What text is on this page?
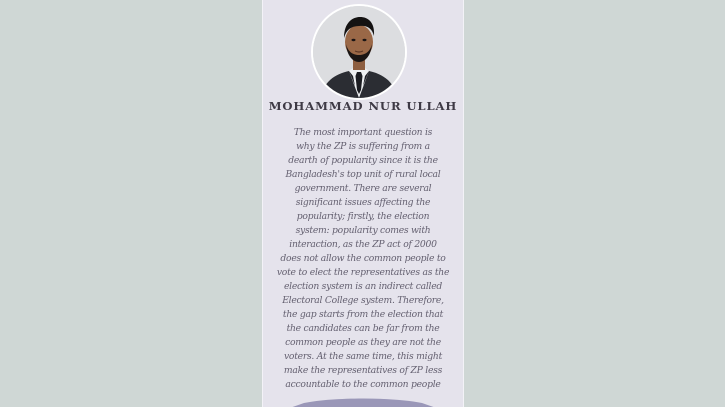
MOHAMMAD NUR ULLAH

The most important question is
why the ZP is suffering from a
dearth of popularity since it is the
Bangladesh's top unit of rural local
government. There are several
significant issues affecting the
popularity; firstly, the election
system: popularity comes with
interaction, as the ZP act of 2000
does not allow the common people to
vote to elect the representatives as the
election system is an indirect called
Electoral College system. Therefore,
the gap starts from the election that
the candidates can be far from the
common people as they are not the
voters. At the same time, this might
make the representatives of ZP less
accountable to the common people
